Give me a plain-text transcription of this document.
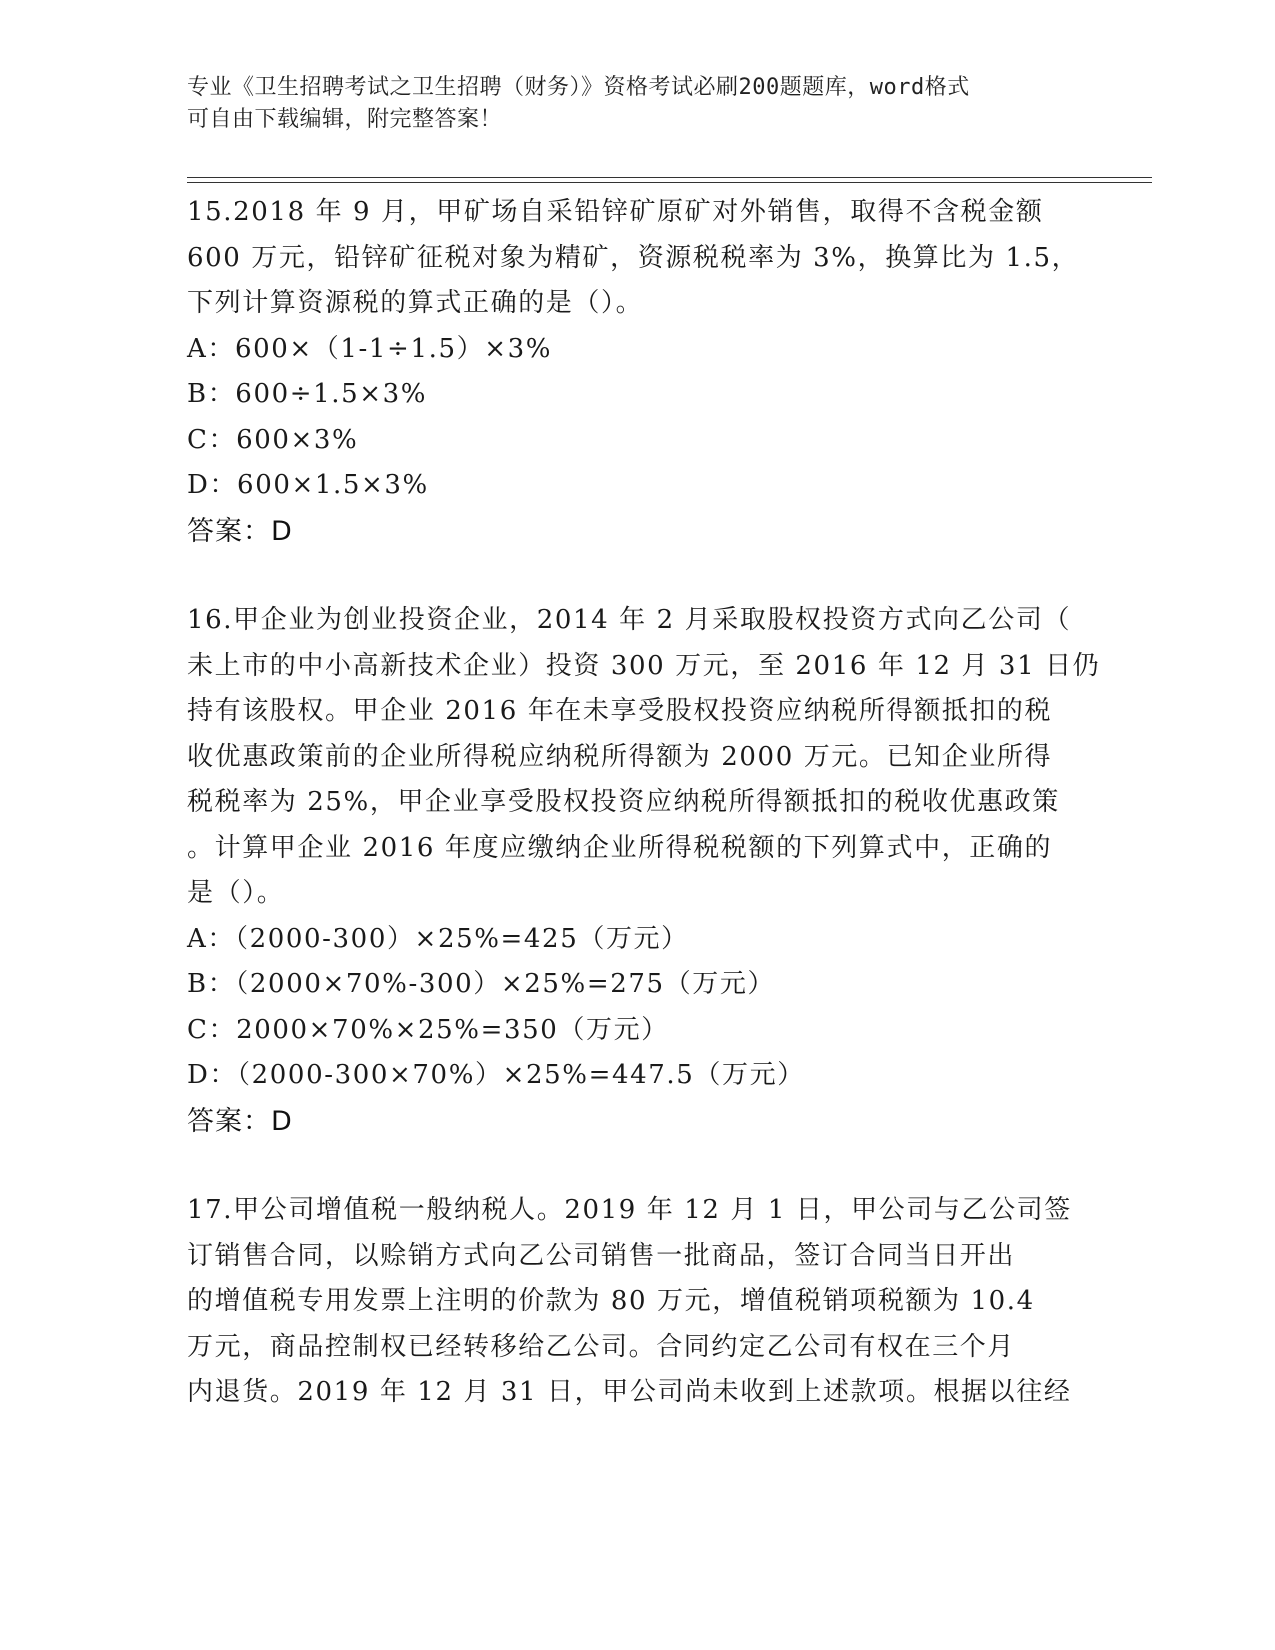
专业《卫生招聘考试之卫生招聘（财务）》资格考试必刷200题题库，word格式
可自由下载编辑，附完整答案！
15.2018 年 9 月，甲矿场自采铅锌矿原矿对外销售，取得不含税金额
600 万元，铅锌矿征税对象为精矿，资源税税率为 3%，换算比为 1.5，
下列计算资源税的算式正确的是（）。
A：600×（1-1÷1.5）×3%
B：600÷1.5×3%
C：600×3%
D：600×1.5×3%
答案：D
16.甲企业为创业投资企业，2014 年 2 月采取股权投资方式向乙公司（
未上市的中小高新技术企业）投资 300 万元，至 2016 年 12 月 31 日仍
持有该股权。甲企业 2016 年在未享受股权投资应纳税所得额抵扣的税
收优惠政策前的企业所得税应纳税所得额为 2000 万元。已知企业所得
税税率为 25%，甲企业享受股权投资应纳税所得额抵扣的税收优惠政策
。计算甲企业 2016 年度应缴纳企业所得税税额的下列算式中，正确的
是（）。
A：（2000-300）×25%=425（万元）
B：（2000×70%-300）×25%=275（万元）
C：2000×70%×25%=350（万元）
D：（2000-300×70%）×25%=447.5（万元）
答案：D
17.甲公司增值税一般纳税人。2019 年 12 月 1 日，甲公司与乙公司签
订销售合同，以赊销方式向乙公司销售一批商品，签订合同当日开出
的增值税专用发票上注明的价款为 80 万元，增值税销项税额为 10.4
万元，商品控制权已经转移给乙公司。合同约定乙公司有权在三个月
内退货。2019 年 12 月 31 日，甲公司尚未收到上述款项。根据以往经
